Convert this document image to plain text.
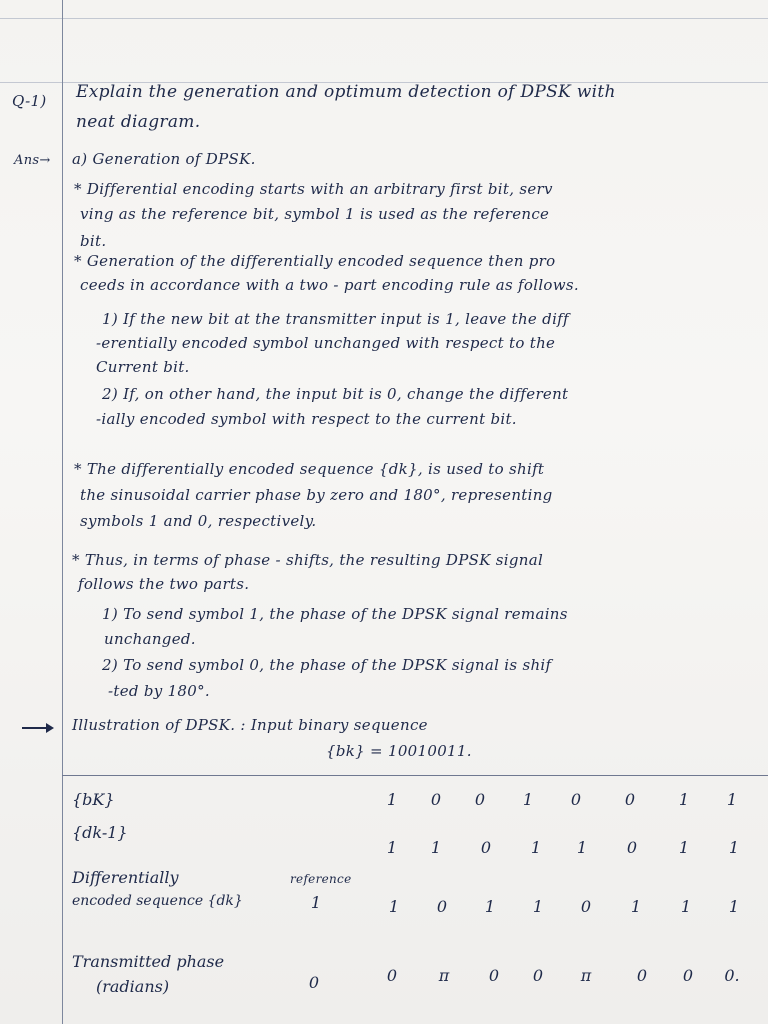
Q-1) Explain the generation and optimum detection of DPSK with
neat diagram.
Ans→ a) Generation of DPSK.
* Differential encoding starts with an arbitrary first bit, serv
ving as the reference bit, symbol 1 is used as the reference
bit.
* Generation of the differentially encoded sequence then pro
ceeds in accordance with a two - part encoding rule as follows.
1) If the new bit at the transmitter input is 1, leave the diff
-erentially encoded symbol unchanged with respect to the
Current bit.
2) If, on other hand, the input bit is 0, change the different
-ially encoded symbol with respect to the current bit.
* The differentially encoded sequence {dk}, is used to shift
the sinusoidal carrier phase by zero and 180°, representing
symbols 1 and 0, respectively.
* Thus, in terms of phase - shifts, the resulting DPSK signal
follows the two parts.
1) To send symbol 1, the phase of the DPSK signal remains
unchanged.
2) To send symbol 0, the phase of the DPSK signal is shif
-ted by 180°.
Illustration of DPSK. : Input binary sequence
{bk} = 10010011.
{bK}	1	0	0	1	0	0	1	1
{dk-1}
1	1	0	1	1	0	1	1
Differentially
encoded sequence {dk}
reference
1	1	0	1	1	0	1	1	1
Transmitted phase
(radians)	0	0	π	0	0	π	0	0	0.
